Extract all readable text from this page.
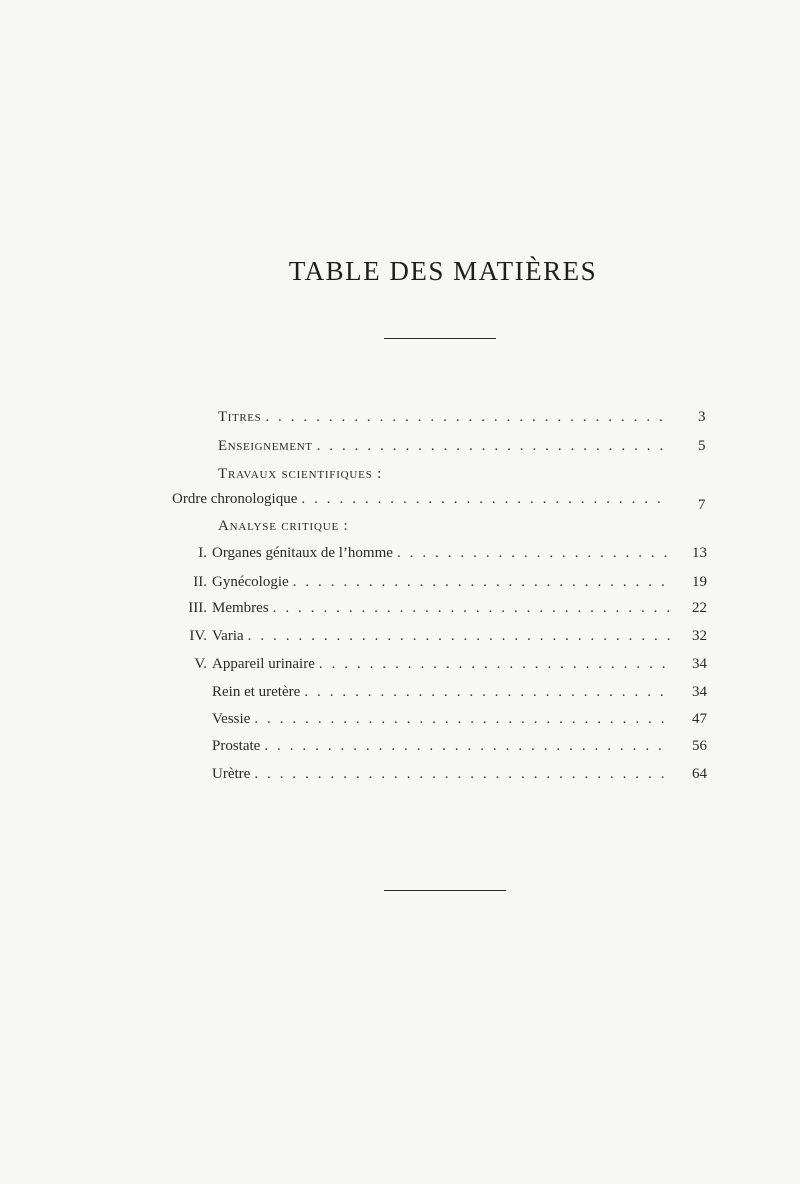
TABLE DES MATIÈRES
Titres . . .	3
Enseignement . . .	5
Travaux scientifiques :
Ordre chronologique . . .	7
Analyse critique :
I. Organes génitaux de l’homme . . .	13
II. Gynécologie . . .	19
III. Membres . . .	22
IV. Varia . . .	32
V. Appareil urinaire . . .	34
Rein et uretère . . .	34
Vessie . . .	47
Prostate . . .	56
Urètre . . .	64
